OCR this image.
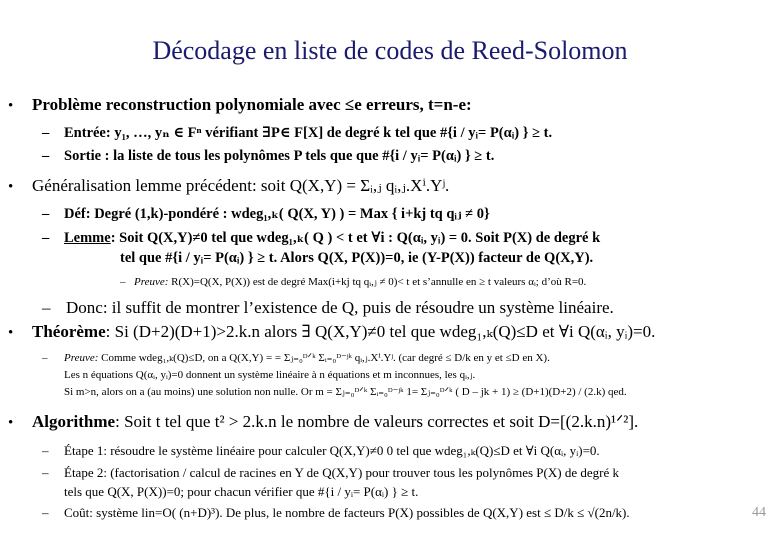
Décodage en liste de codes de Reed-Solomon
• Problème reconstruction polynomiale avec ≤e erreurs, t=n-e:
– Entrée: y₁, …, yₙ ∈ Fⁿ vérifiant ∃P∈ F[X] de degré k tel que #{i / yᵢ= P(αᵢ) } ≥ t.
– Sortie : la liste de tous les polynômes P tels que que #{i / yᵢ= P(αᵢ) } ≥ t.
• Généralisation lemme précédent: soit Q(X,Y) = Σᵢ,ⱼ qᵢ,ⱼ.Xⁱ.Yʲ.
– Déf: Degré (1,k)-pondéré : wdeg₁,ₖ( Q(X, Y) ) = Max { i+kj tq qᵢⱼ ≠ 0}
– Lemme: Soit Q(X,Y)≠0 tel que wdeg₁,ₖ( Q ) < t et ∀i : Q(αᵢ, yᵢ) = 0. Soit P(X) de degré k
tel que #{i / yᵢ= P(αᵢ) } ≥ t. Alors Q(X, P(X))=0, ie (Y-P(X)) facteur de Q(X,Y).
– Preuve: R(X)=Q(X, P(X)) est de degré Max(i+kj tq qᵢ,ⱼ ≠ 0)< t et s’annulle en ≥ t valeurs αᵢ; d’où R=0.
– Donc: il suffit de montrer l’existence de Q, puis de résoudre un système linéaire.
• Théorème: Si (D+2)(D+1)>2.k.n alors ∃ Q(X,Y)≠0 tel que wdeg₁,ₖ(Q)≤D et ∀i Q(αᵢ, yᵢ)=0.
– Preuve: Comme wdeg₁,ₖ(Q)≤D, on a Q(X,Y) = = Σⱼ₌₀ᴰᐟᵏ Σᵢ₌₀ᴰ⁻ʲᵏ qᵢ,ⱼ.Xⁱ.Yʲ. (car degré ≤ D/k en y et ≤D en X).
Les n équations Q(αᵢ, yᵢ)=0 donnent un système linéaire à n équations et m inconnues, les qᵢ,ⱼ.
Si m>n, alors on a (au moins) une solution non nulle. Or m = Σⱼ₌₀ᴰᐟᵏ Σᵢ₌₀ᴰ⁻ʲᵏ 1= Σⱼ₌₀ᴰᐟᵏ ( D – jk + 1) ≥ (D+1)(D+2) / (2.k) qed.
• Algorithme: Soit t tel que t² > 2.k.n le nombre de valeurs correctes et soit D=[(2.k.n)¹ᐟ²].
– Étape 1: résoudre le système linéaire pour calculer Q(X,Y)≠0 0 tel que wdeg₁,ₖ(Q)≤D et ∀i Q(αᵢ, yᵢ)=0.
– Étape 2: (factorisation / calcul de racines en Y de Q(X,Y) pour trouver tous les polynômes P(X) de degré k
tels que Q(X, P(X))=0; pour chacun vérifier que #{i / yᵢ= P(αᵢ) } ≥ t.
– Coût: système lin=O( (n+D)³). De plus, le nombre de facteurs P(X) possibles de Q(X,Y) est ≤ D/k ≤ √(2n/k).	44
